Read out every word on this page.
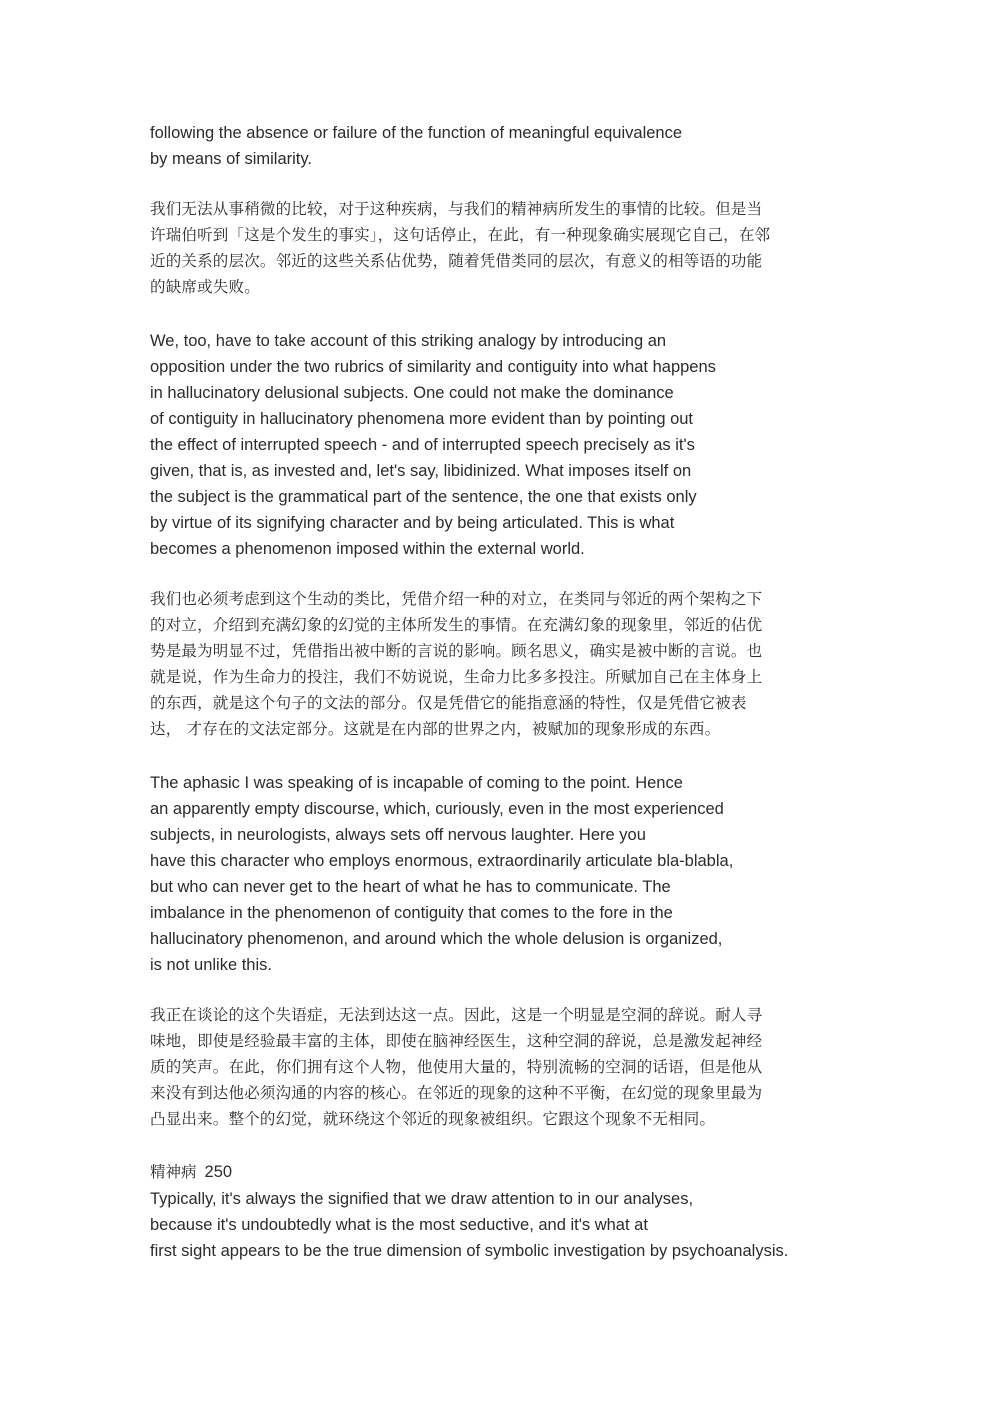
following the absence or failure of the function of meaningful equivalence
by means of similarity.
我们无法从事稍微的比较，对于这种疾病，与我们的精神病所发生的事情的比较。但是当
许瑞伯听到「这是个发生的事实」，这句话停止，在此，有一种现象确实展现它自己，在邻
近的关系的层次。邻近的这些关系佔优势，随着凭借类同的层次，有意义的相等语的功能
的缺席或失败。
We, too, have to take account of this striking analogy by introducing an
opposition under the two rubrics of similarity and contiguity into what happens
in hallucinatory delusional subjects. One could not make the dominance
of contiguity in hallucinatory phenomena more evident than by pointing out
the effect of interrupted speech - and of interrupted speech precisely as it's
given, that is, as invested and, let's say, libidinized. What imposes itself on
the subject is the grammatical part of the sentence, the one that exists only
by virtue of its signifying character and by being articulated. This is what
becomes a phenomenon imposed within the external world.
我们也必须考虑到这个生动的类比，凭借介绍一种的对立，在类同与邻近的两个架构之下
的对立，介绍到充满幻象的幻觉的主体所发生的事情。在充满幻象的现象里，邻近的佔优
势是最为明显不过，凭借指出被中断的言说的影响。顾名思义，确实是被中断的言说。也
就是说，作为生命力的投注，我们不妨说说，生命力比多多投注。所赋加自己在主体身上
的东西，就是这个句子的文法的部分。仅是凭借它的能指意涵的特性，仅是凭借它被表
达， 才存在的文法定部分。这就是在内部的世界之内，被赋加的现象形成的东西。
The aphasic I was speaking of is incapable of coming to the point. Hence
an apparently empty discourse, which, curiously, even in the most experienced
subjects, in neurologists, always sets off nervous laughter. Here you
have this character who employs enormous, extraordinarily articulate bla-blabla,
but who can never get to the heart of what he has to communicate. The
imbalance in the phenomenon of contiguity that comes to the fore in the
hallucinatory phenomenon, and around which the whole delusion is organized,
is not unlike this.
我正在谈论的这个失语症，无法到达这一点。因此，这是一个明显是空洞的辞说。耐人寻
味地，即使是经验最丰富的主体，即使在脑神经医生，这种空洞的辞说，总是激发起神经
质的笑声。在此，你们拥有这个人物，他使用大量的，特别流畅的空洞的话语，但是他从
来没有到达他必须沟通的内容的核心。在邻近的现象的这种不平衡，在幻觉的现象里最为
凸显出来。整个的幻觉，就环绕这个邻近的现象被组织。它跟这个现象不无相同。
精神病 250
Typically, it's always the signified that we draw attention to in our analyses,
because it's undoubtedly what is the most seductive, and it's what at
first sight appears to be the true dimension of symbolic investigation by psychoanalysis.
